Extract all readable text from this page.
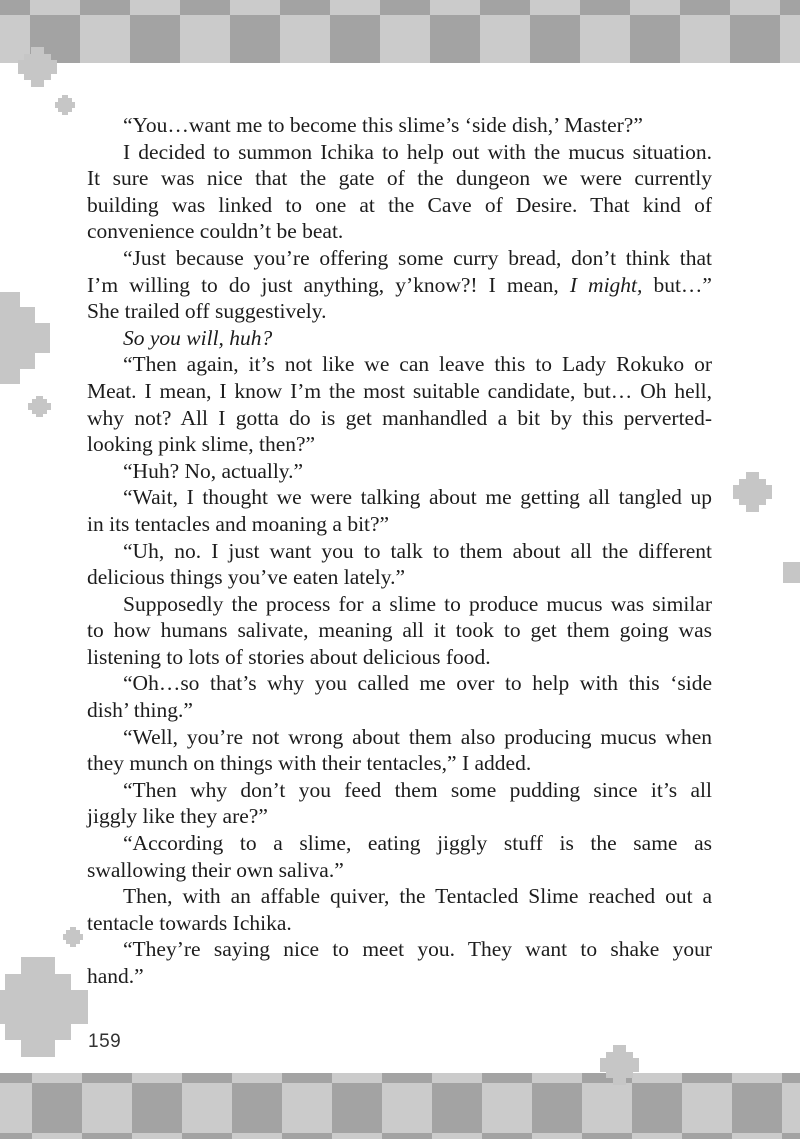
“You…want me to become this slime’s ‘side dish,’ Master?”
I decided to summon Ichika to help out with the mucus situation.
It sure was nice that the gate of the dungeon we were currently
building was linked to one at the Cave of Desire. That kind of
convenience couldn’t be beat.
“Just because you’re offering some curry bread, don’t think that
I’m willing to do just anything, y’know?! I mean, I might, but…”
She trailed off suggestively.
So you will, huh?
“Then again, it’s not like we can leave this to Lady Rokuko or
Meat. I mean, I know I’m the most suitable candidate, but… Oh hell,
why not? All I gotta do is get manhandled a bit by this perverted-
looking pink slime, then?”
“Huh? No, actually.”
“Wait, I thought we were talking about me getting all tangled up
in its tentacles and moaning a bit?”
“Uh, no. I just want you to talk to them about all the different
delicious things you’ve eaten lately.”
Supposedly the process for a slime to produce mucus was similar
to how humans salivate, meaning all it took to get them going was
listening to lots of stories about delicious food.
“Oh…so that’s why you called me over to help with this ‘side
dish’ thing.”
“Well, you’re not wrong about them also producing mucus when
they munch on things with their tentacles,” I added.
“Then why don’t you feed them some pudding since it’s all
jiggly like they are?”
“According to a slime, eating jiggly stuff is the same as
swallowing their own saliva.”
Then, with an affable quiver, the Tentacled Slime reached out a
tentacle towards Ichika.
“They’re saying nice to meet you. They want to shake your
hand.”
159
